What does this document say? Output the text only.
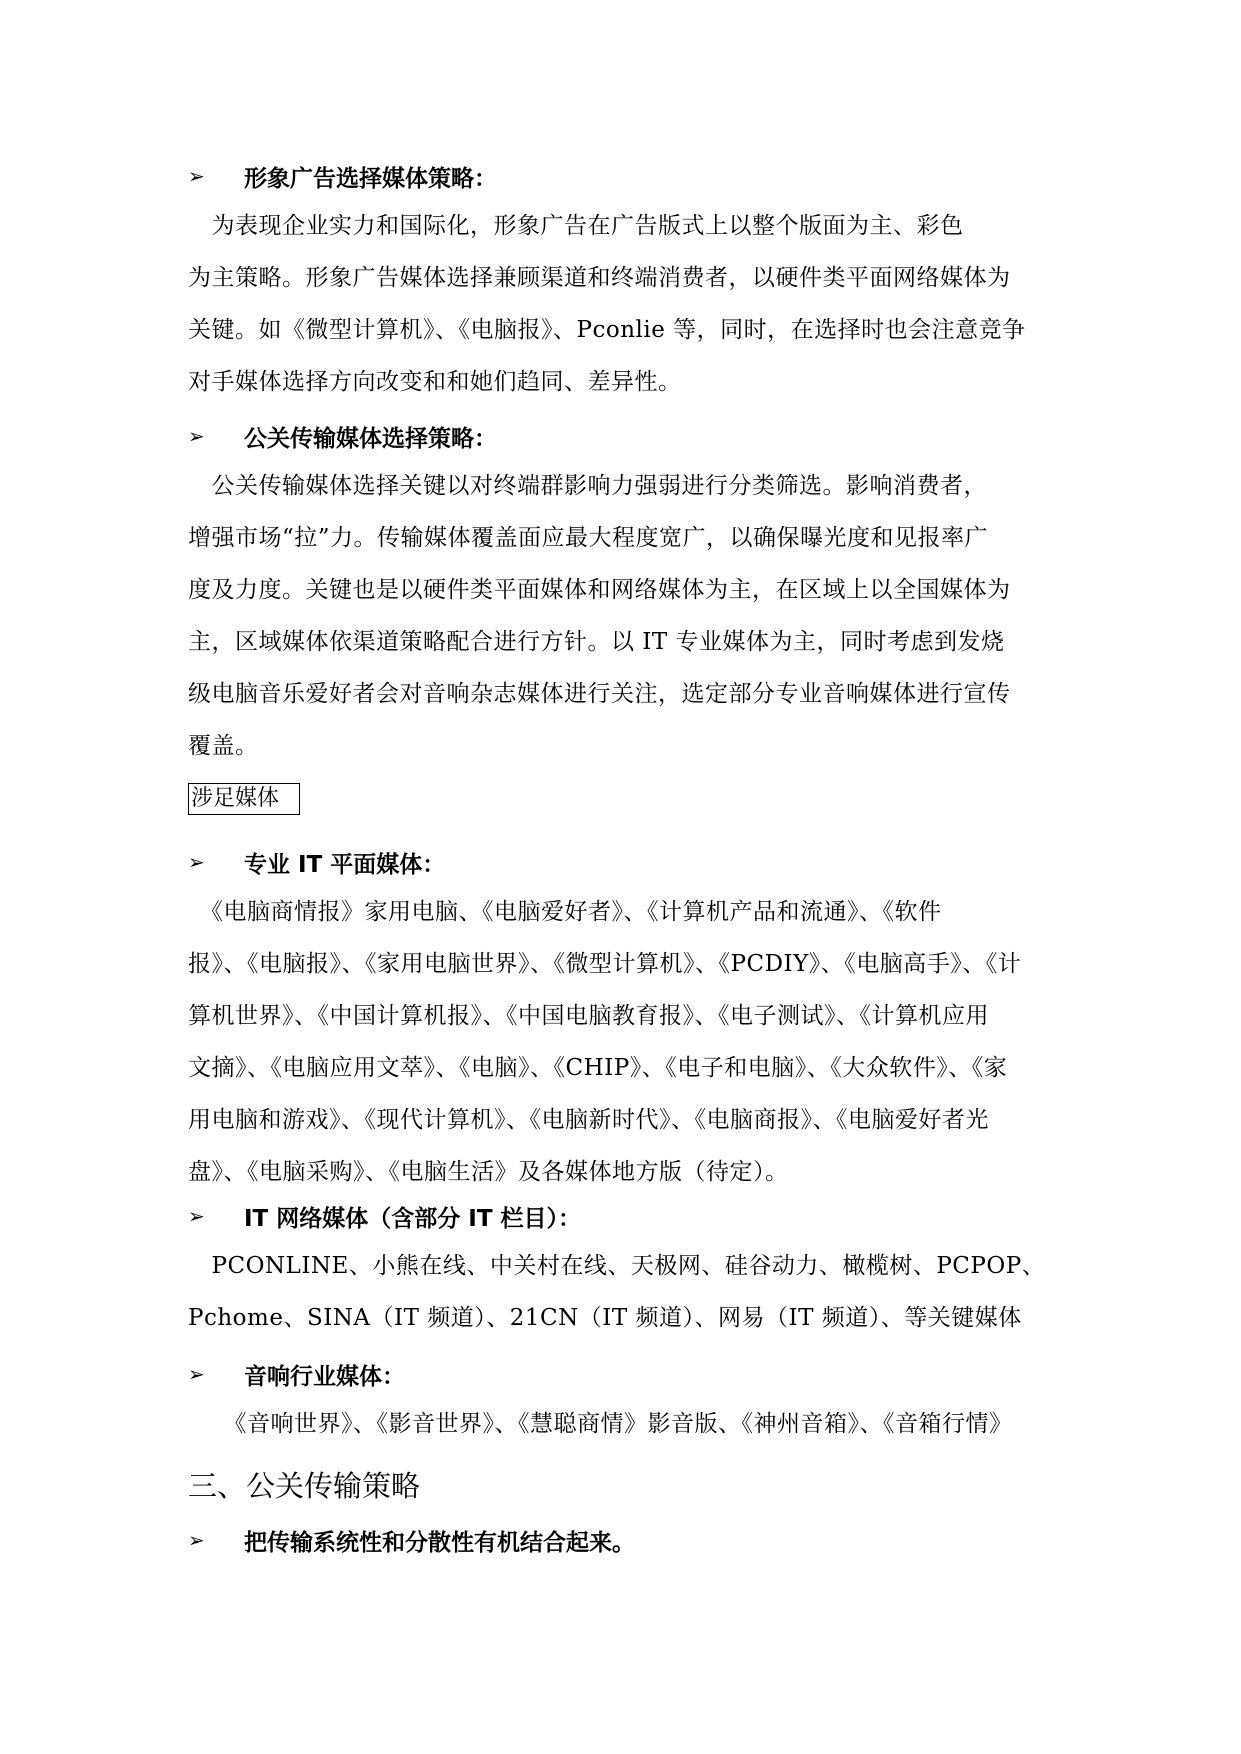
➢	形象广告选择媒体策略：
　为表现企业实力和国际化，形象广告在广告版式上以整个版面为主、彩色
为主策略。形象广告媒体选择兼顾渠道和终端消费者，以硬件类平面网络媒体为
关键。如《微型计算机》、《电脑报》、Pconlie 等，同时，在选择时也会注意竞争
对手媒体选择方向改变和和她们趋同、差异性。
➢	公关传输媒体选择策略：
　公关传输媒体选择关键以对终端群影响力强弱进行分类筛选。影响消费者，
增强市场“拉”力。传输媒体覆盖面应最大程度宽广，以确保曝光度和见报率广
度及力度。关键也是以硬件类平面媒体和网络媒体为主，在区域上以全国媒体为
主，区域媒体依渠道策略配合进行方针。以 IT 专业媒体为主，同时考虑到发烧
级电脑音乐爱好者会对音响杂志媒体进行关注，选定部分专业音响媒体进行宣传
覆盖。
涉足媒体
➢	专业 IT 平面媒体：
　《电脑商情报》家用电脑、《电脑爱好者》、《计算机产品和流通》、《软件
报》、《电脑报》、《家用电脑世界》、《微型计算机》、《PCDIY》、《电脑高手》、《计
算机世界》、《中国计算机报》、《中国电脑教育报》、《电子测试》、《计算机应用
文摘》、《电脑应用文萃》、《电脑》、《CHIP》、《电子和电脑》、《大众软件》、《家
用电脑和游戏》、《现代计算机》、《电脑新时代》、《电脑商报》、《电脑爱好者光
盘》、《电脑采购》、《电脑生活》及各媒体地方版（待定）。
➢	IT 网络媒体（含部分 IT 栏目）：
　PCONLINE、小熊在线、中关村在线、天极网、硅谷动力、橄榄树、PCPOP、
Pchome、SINA（IT 频道）、21CN（IT 频道）、网易（IT 频道）、等关键媒体
➢	音响行业媒体：
　　《音响世界》、《影音世界》、《慧聪商情》影音版、《神州音箱》、《音箱行情》
三、公关传输策略
➢	把传输系统性和分散性有机结合起来。
